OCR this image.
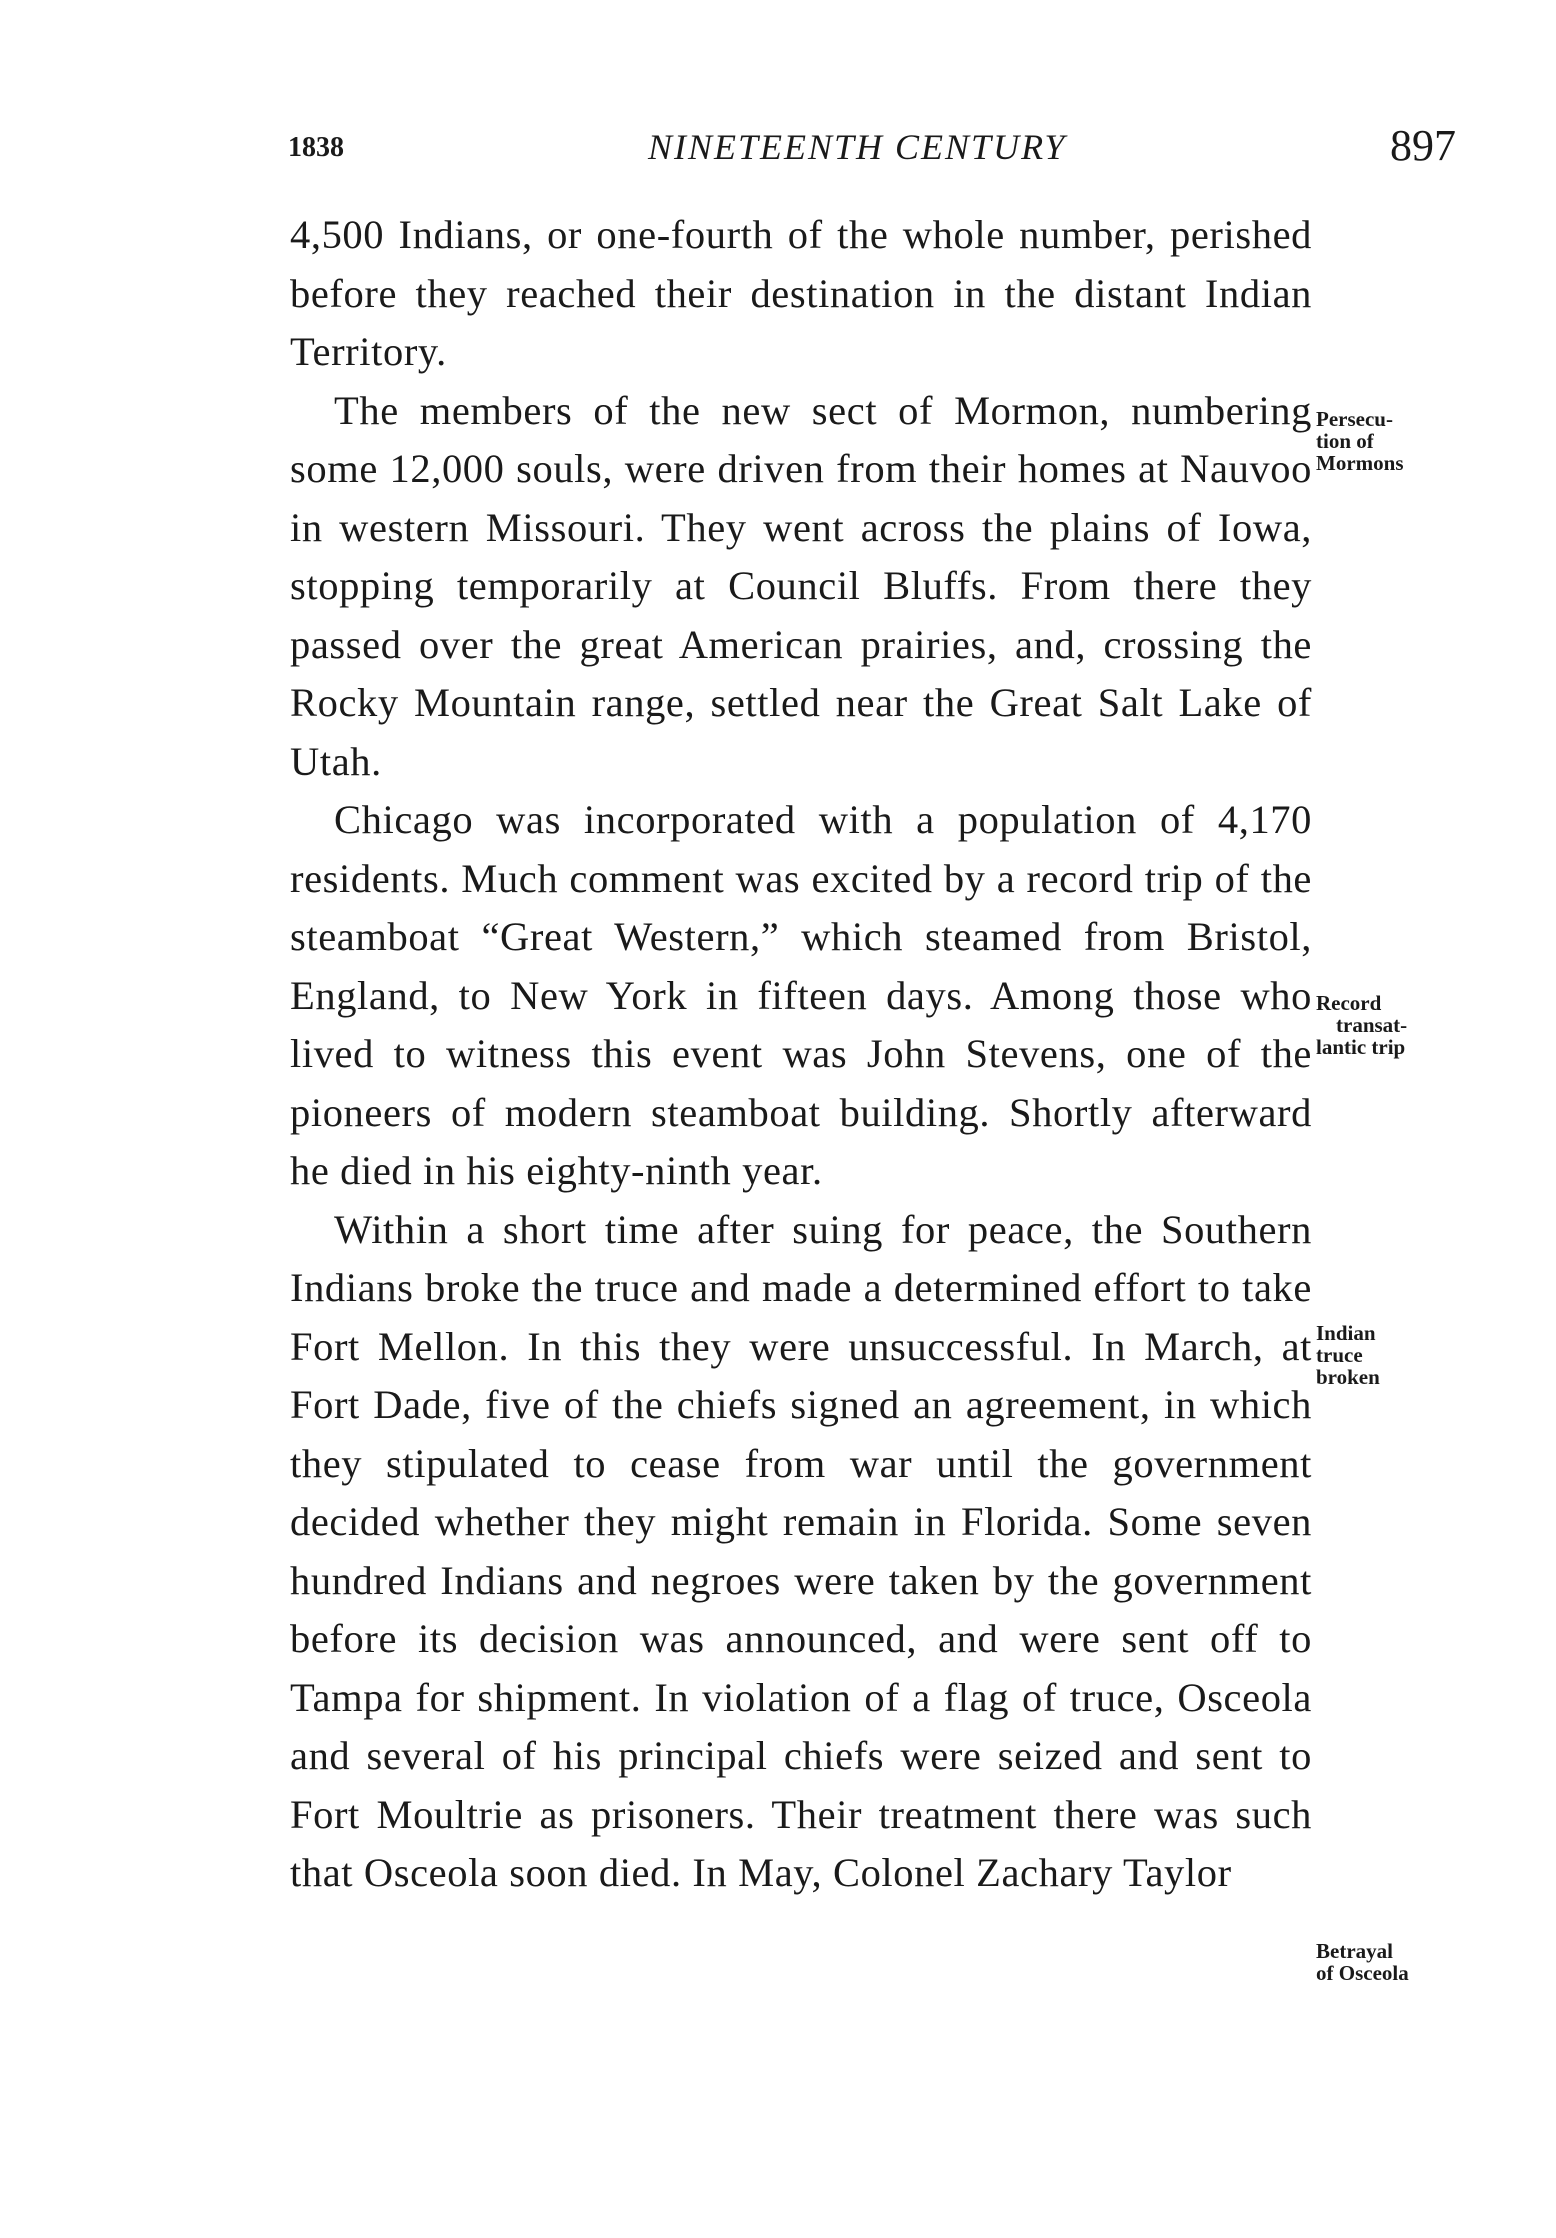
1838	NINETEENTH CENTURY	897

4,500 Indians, or one-fourth of the whole number, perished before they reached their destination in the distant Indian Territory.

The members of the new sect of Mormon, numbering some 12,000 souls, were driven from their homes at Nauvoo in western Missouri. They went across the plains of Iowa, stopping temporarily at Council Bluffs. From there they passed over the great American prairies, and, crossing the Rocky Mountain range, settled near the Great Salt Lake of Utah.

Chicago was incorporated with a population of 4,170 residents. Much comment was excited by a record trip of the steamboat “Great Western,” which steamed from Bristol, England, to New York in fifteen days. Among those who lived to witness this event was John Stevens, one of the pioneers of modern steamboat building. Shortly afterward he died in his eighty-ninth year.

Within a short time after suing for peace, the Southern Indians broke the truce and made a determined effort to take Fort Mellon. In this they were unsuccessful. In March, at Fort Dade, five of the chiefs signed an agreement, in which they stipulated to cease from war until the government decided whether they might remain in Florida. Some seven hundred Indians and negroes were taken by the government before its decision was announced, and were sent off to Tampa for shipment. In violation of a flag of truce, Osceola and several of his principal chiefs were seized and sent to Fort Moultrie as prisoners. Their treatment there was such that Osceola soon died. In May, Colonel Zachary Taylor

Persecu-
tion of
Mormons
Record
transat-
lantic trip
Indian
truce
broken
Betrayal
of Osceola
